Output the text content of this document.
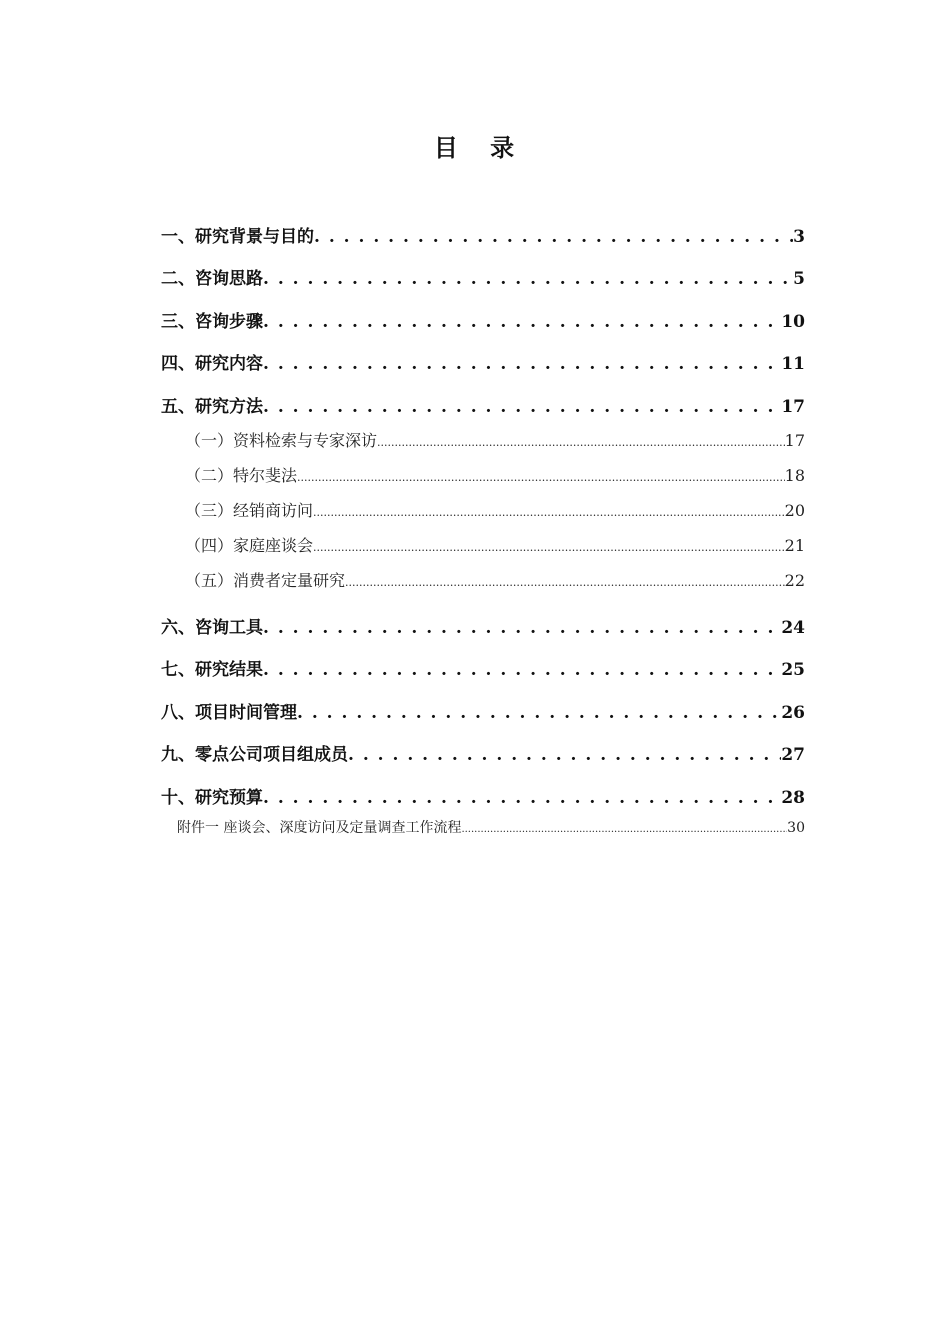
目 录
一、研究背景与目的 . . .	3
二、咨询思路 . . .	5
三、咨询步骤 . . .	10
四、研究内容 . . .	11
五、研究方法 . . .	17
（一）资料检索与专家深访 .....	17
（二）特尔斐法 .....	18
（三）经销商访问 .....	20
（四）家庭座谈会 .....	21
（五）消费者定量研究 .....	22
六、咨询工具 . . .	24
七、研究结果 . . .	25
八、项目时间管理 . . .	26
九、零点公司项目组成员 . . .	27
十、研究预算 . . .	28
附件一 座谈会、深度访问及定量调查工作流程 .....	30
